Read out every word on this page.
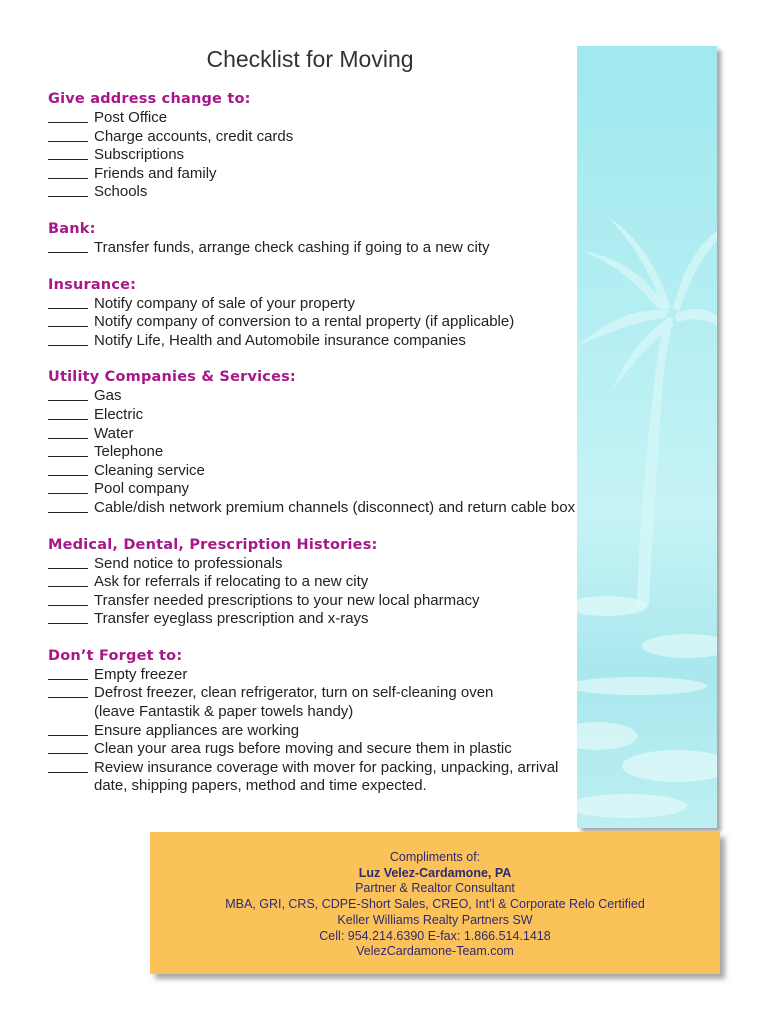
Checklist for Moving
Give address change to:
Post Office
Charge accounts, credit cards
Subscriptions
Friends and family
Schools
Bank:
Transfer funds, arrange check cashing if going to a new city
Insurance:
Notify company of sale of your property
Notify company of conversion to a rental property (if applicable)
Notify Life, Health and Automobile insurance companies
Utility Companies & Services:
Gas
Electric
Water
Telephone
Cleaning service
Pool company
Cable/dish network premium channels (disconnect) and return cable box
Medical, Dental, Prescription Histories:
Send notice to professionals
Ask for referrals if relocating to a new city
Transfer needed prescriptions to your new local pharmacy
Transfer eyeglass prescription and x-rays
Don’t Forget to:
Empty freezer
Defrost freezer, clean refrigerator, turn on self-cleaning oven
(leave Fantastik & paper towels handy)
Ensure appliances are working
Clean your area rugs before moving and secure them in plastic
Review insurance coverage with mover for packing, unpacking, arrival date, shipping papers, method and time expected.
Compliments of:
Luz Velez-Cardamone, PA
Partner & Realtor Consultant
MBA, GRI, CRS, CDPE-Short Sales, CREO, Int’l & Corporate Relo Certified
Keller Williams Realty Partners SW
Cell: 954.214.6390 E-fax: 1.866.514.1418
VelezCardamone-Team.com
